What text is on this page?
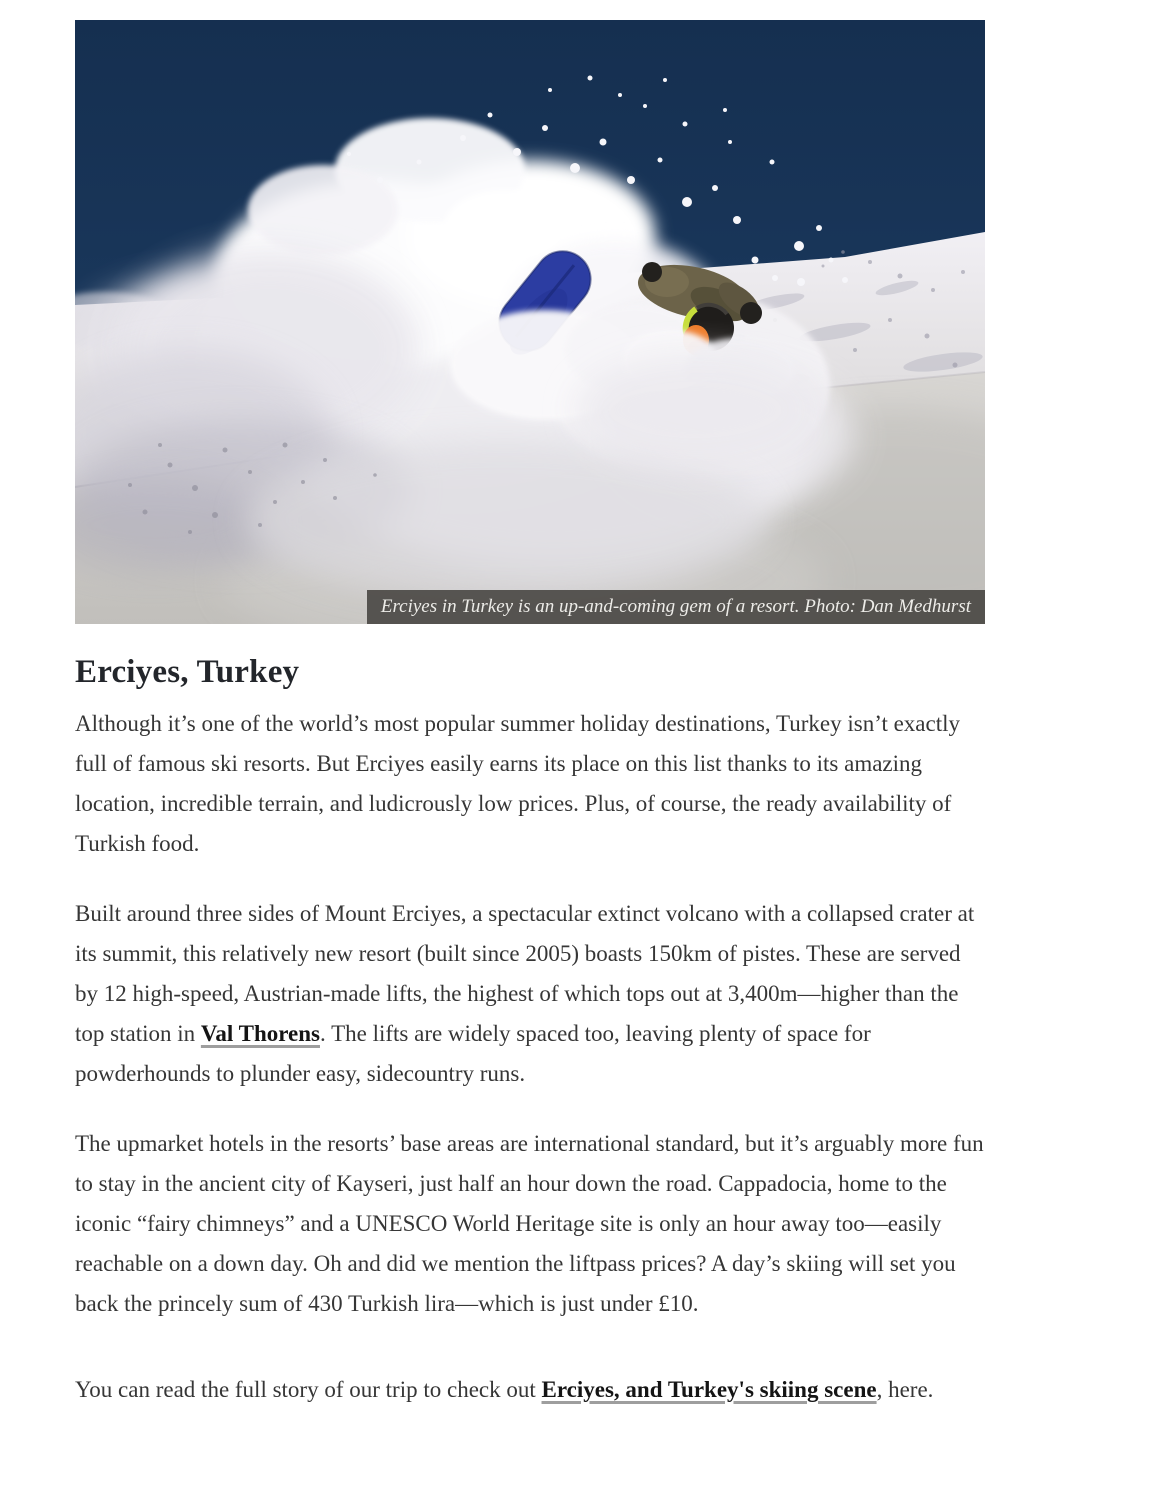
Erciyes in Turkey is an up-and-coming gem of a resort. Photo: Dan Medhurst
Erciyes, Turkey

Although it’s one of the world’s most popular summer holiday destinations, Turkey isn’t exactly full of famous ski resorts. But Erciyes easily earns its place on this list thanks to its amazing location, incredible terrain, and ludicrously low prices. Plus, of course, the ready availability of Turkish food.

Built around three sides of Mount Erciyes, a spectacular extinct volcano with a collapsed crater at its summit, this relatively new resort (built since 2005) boasts 150km of pistes. These are served by 12 high-speed, Austrian-made lifts, the highest of which tops out at 3,400m—higher than the top station in Val Thorens. The lifts are widely spaced too, leaving plenty of space for powderhounds to plunder easy, sidecountry runs.

The upmarket hotels in the resorts’ base areas are international standard, but it’s arguably more fun to stay in the ancient city of Kayseri, just half an hour down the road. Cappadocia, home to the iconic “fairy chimneys” and a UNESCO World Heritage site is only an hour away too—easily reachable on a down day. Oh and did we mention the liftpass prices? A day’s skiing will set you back the princely sum of 430 Turkish lira—which is just under £10.

You can read the full story of our trip to check out Erciyes, and Turkey's skiing scene, here.
